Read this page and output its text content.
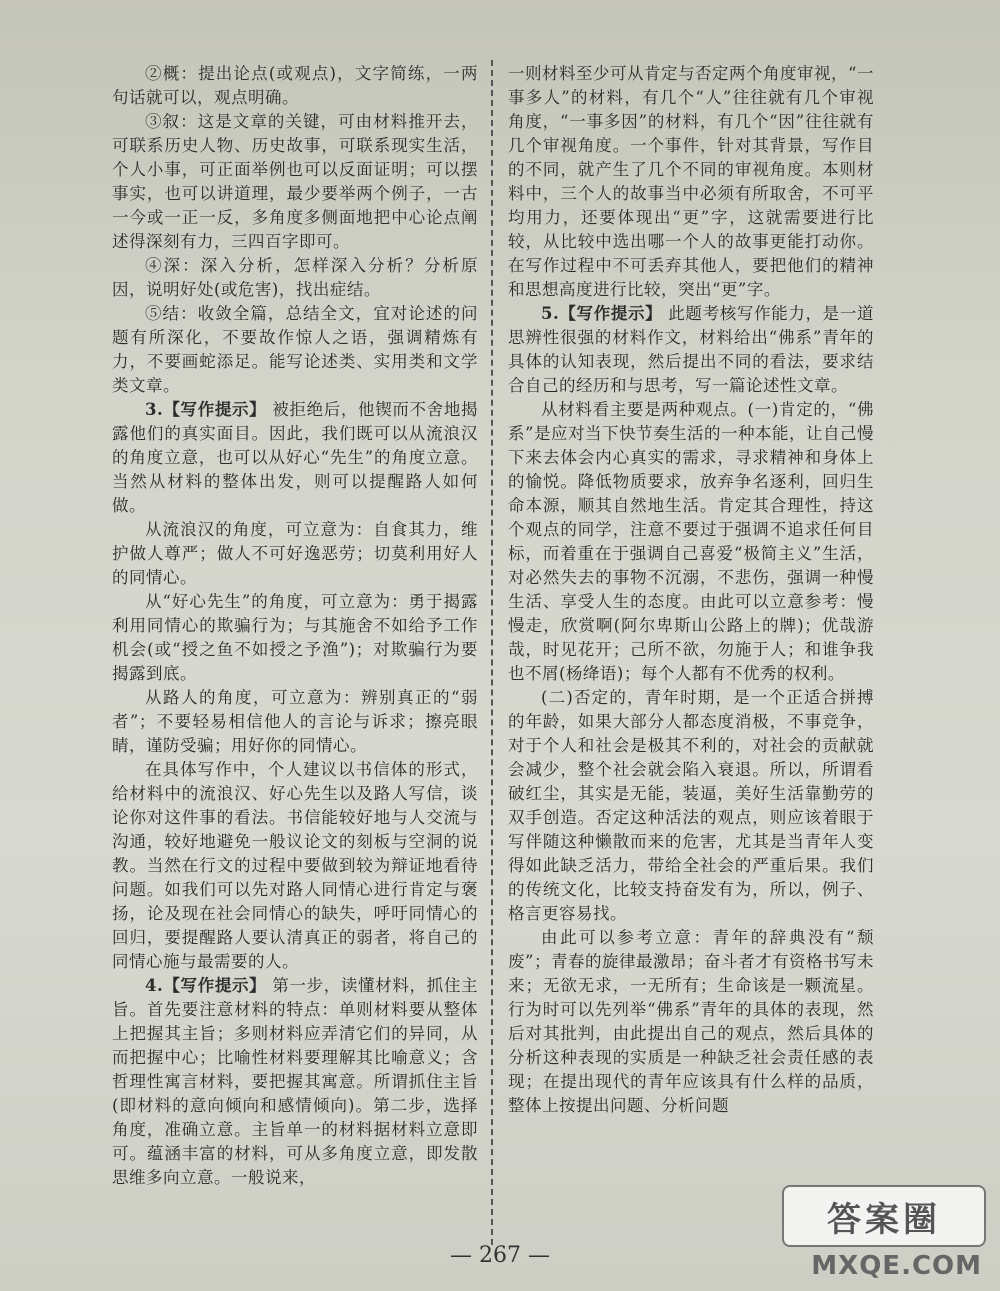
②概：提出论点(或观点)，文字简练，一两句话就可以，观点明确。

③叙：这是文章的关键，可由材料推开去，可联系历史人物、历史故事，可联系现实生活，个人小事，可正面举例也可以反面证明；可以摆事实，也可以讲道理，最少要举两个例子，一古一今或一正一反，多角度多侧面地把中心论点阐述得深刻有力，三四百字即可。

④深：深入分析，怎样深入分析？分析原因，说明好处(或危害)，找出症结。

⑤结：收敛全篇，总结全文，宜对论述的问题有所深化，不要故作惊人之语，强调精炼有力，不要画蛇添足。能写论述类、实用类和文学类文章。

3.【写作提示】 被拒绝后，他锲而不舍地揭露他们的真实面目。因此，我们既可以从流浪汉的角度立意，也可以从好心“先生”的角度立意。当然从材料的整体出发，则可以提醒路人如何做。

从流浪汉的角度，可立意为：自食其力，维护做人尊严；做人不可好逸恶劳；切莫利用好人的同情心。

从“好心先生”的角度，可立意为：勇于揭露利用同情心的欺骗行为；与其施舍不如给予工作机会(或“授之鱼不如授之予渔”)；对欺骗行为要揭露到底。

从路人的角度，可立意为：辨别真正的“弱者”；不要轻易相信他人的言论与诉求；擦亮眼睛，谨防受骗；用好你的同情心。

在具体写作中，个人建议以书信体的形式，给材料中的流浪汉、好心先生以及路人写信，谈论你对这件事的看法。书信能较好地与人交流与沟通，较好地避免一般议论文的刻板与空洞的说教。当然在行文的过程中要做到较为辩证地看待问题。如我们可以先对路人同情心进行肯定与褒扬，论及现在社会同情心的缺失，呼吁同情心的回归，要提醒路人要认清真正的弱者，将自己的同情心施与最需要的人。

4.【写作提示】 第一步，读懂材料，抓住主旨。首先要注意材料的特点：单则材料要从整体上把握其主旨；多则材料应弄清它们的异同，从而把握中心；比喻性材料要理解其比喻意义；含哲理性寓言材料，要把握其寓意。所谓抓住主旨(即材料的意向倾向和感情倾向)。第二步，选择角度，准确立意。主旨单一的材料据材料立意即可。蕴涵丰富的材料，可从多角度立意，即发散思维多向立意。一般说来，

一则材料至少可从肯定与否定两个角度审视，“一事多人”的材料，有几个“人”往往就有几个审视角度，“一事多因”的材料，有几个“因”往往就有几个审视角度。一个事件，针对其背景，写作目的不同，就产生了几个不同的审视角度。本则材料中，三个人的故事当中必须有所取舍，不可平均用力，还要体现出“更”字，这就需要进行比较，从比较中选出哪一个人的故事更能打动你。在写作过程中不可丢弃其他人，要把他们的精神和思想高度进行比较，突出“更”字。

5.【写作提示】 此题考核写作能力，是一道思辨性很强的材料作文，材料给出“佛系”青年的具体的认知表现，然后提出不同的看法，要求结合自己的经历和与思考，写一篇论述性文章。

从材料看主要是两种观点。(一)肯定的，“佛系”是应对当下快节奏生活的一种本能，让自己慢下来去体会内心真实的需求，寻求精神和身体上的愉悦。降低物质要求，放弃争名逐利，回归生命本源，顺其自然地生活。肯定其合理性，持这个观点的同学，注意不要过于强调不追求任何目标，而着重在于强调自己喜爱“极简主义”生活，对必然失去的事物不沉溺，不悲伤，强调一种慢生活、享受人生的态度。由此可以立意参考：慢慢走，欣赏啊(阿尔卑斯山公路上的牌)；优哉游哉，时见花开；己所不欲，勿施于人；和谁争我也不屑(杨绛语)；每个人都有不优秀的权利。

(二)否定的，青年时期，是一个正适合拼搏的年龄，如果大部分人都态度消极，不事竞争，对于个人和社会是极其不利的，对社会的贡献就会减少，整个社会就会陷入衰退。所以，所谓看破红尘，其实是无能，装逼，美好生活靠勤劳的双手创造。否定这种活法的观点，则应该着眼于写伴随这种懒散而来的危害，尤其是当青年人变得如此缺乏活力，带给全社会的严重后果。我们的传统文化，比较支持奋发有为，所以，例子、格言更容易找。

由此可以参考立意：青年的辞典没有“颓废”；青春的旋律最激昂；奋斗者才有资格书写未来；无欲无求，一无所有；生命该是一颗流星。行为时可以先列举“佛系”青年的具体的表现，然后对其批判，由此提出自己的观点，然后具体的分析这种表现的实质是一种缺乏社会责任感的表现；在提出现代的青年应该具有什么样的品质，整体上按提出问题、分析问题

— 267 —
答案圈
MXQE.COM
